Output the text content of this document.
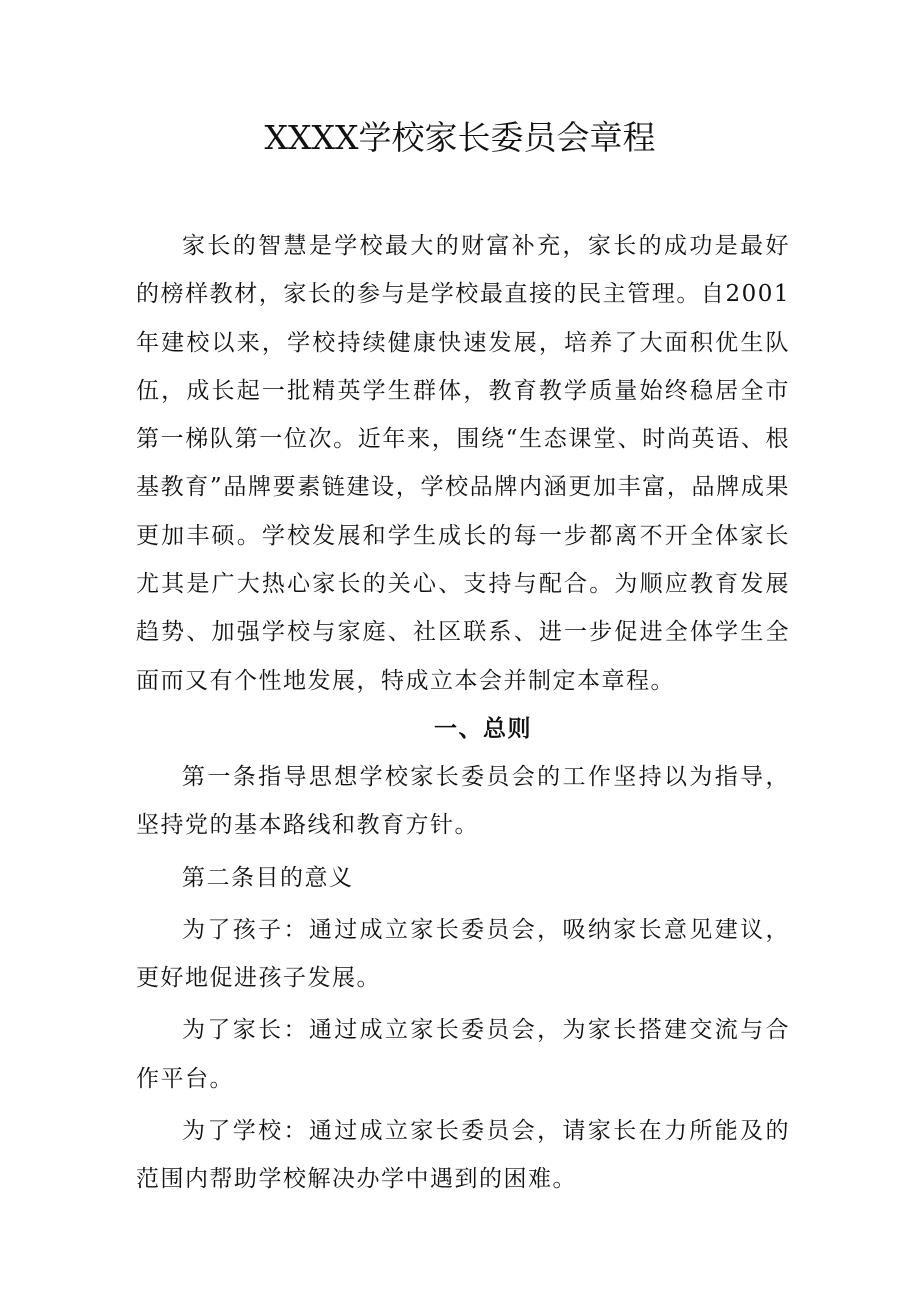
XXXX学校家长委员会章程

家长的智慧是学校最大的财富补充，家长的成功是最好的榜样教材，家长的参与是学校最直接的民主管理。自2001年建校以来，学校持续健康快速发展，培养了大面积优生队伍，成长起一批精英学生群体，教育教学质量始终稳居全市第一梯队第一位次。近年来，围绕“生态课堂、时尚英语、根基教育”品牌要素链建设，学校品牌内涵更加丰富，品牌成果更加丰硕。学校发展和学生成长的每一步都离不开全体家长尤其是广大热心家长的关心、支持与配合。为顺应教育发展趋势、加强学校与家庭、社区联系、进一步促进全体学生全面而又有个性地发展，特成立本会并制定本章程。

一、总则

第一条指导思想学校家长委员会的工作坚持以为指导，坚持党的基本路线和教育方针。

第二条目的意义

为了孩子：通过成立家长委员会，吸纳家长意见建议，更好地促进孩子发展。

为了家长：通过成立家长委员会，为家长搭建交流与合作平台。

为了学校：通过成立家长委员会，请家长在力所能及的范围内帮助学校解决办学中遇到的困难。
